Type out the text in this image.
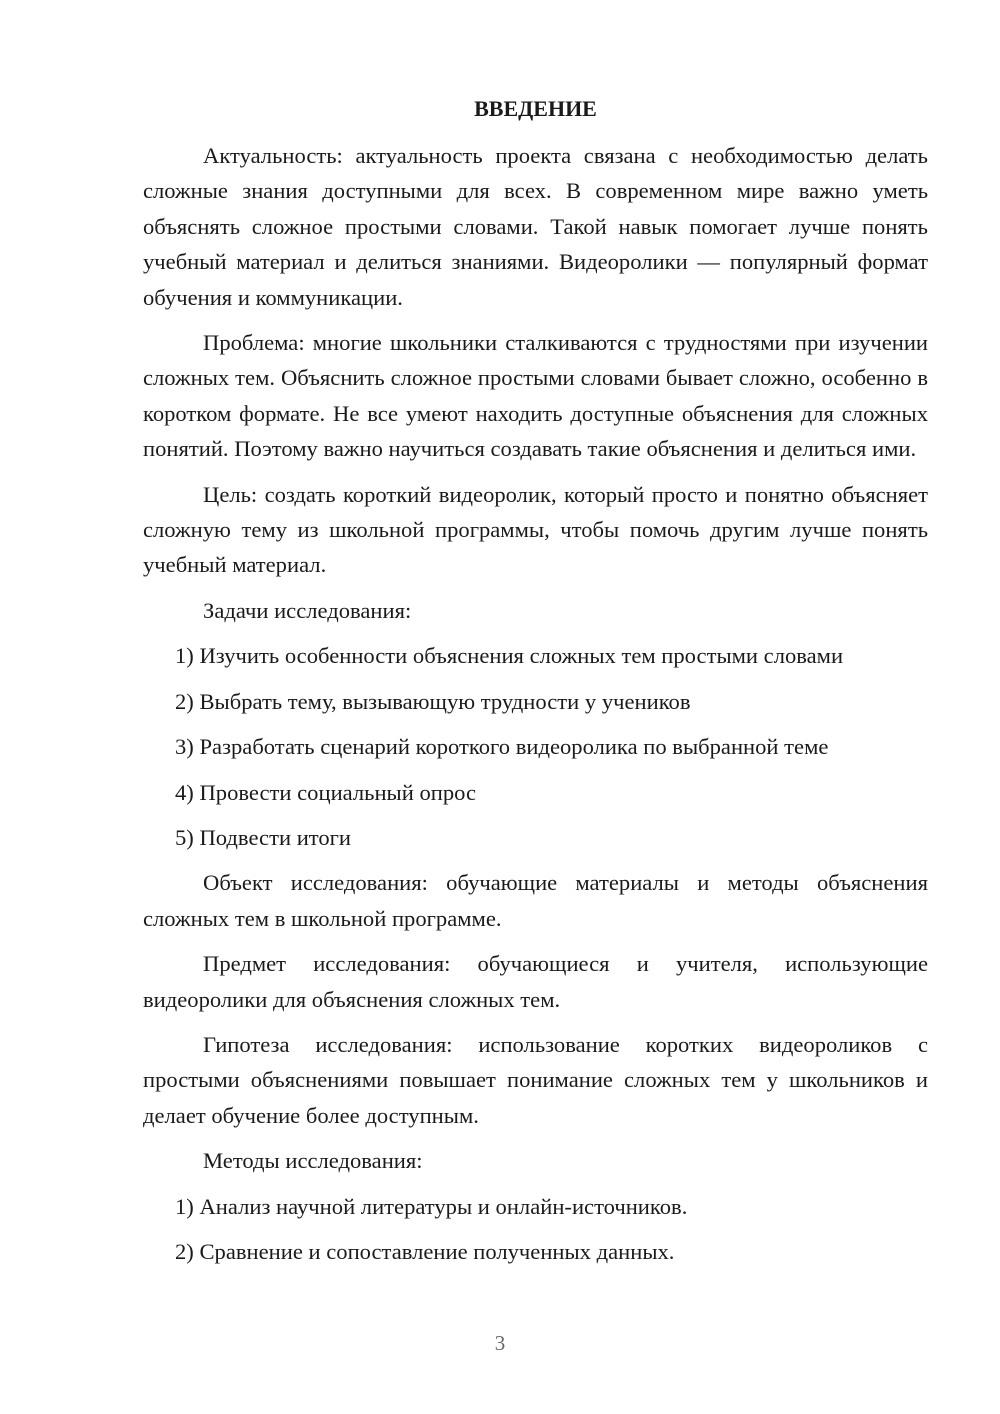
ВВЕДЕНИЕ

Актуальность: актуальность проекта связана с необходимостью делать сложные знания доступными для всех. В современном мире важно уметь объяснять сложное простыми словами. Такой навык помогает лучше понять учебный материал и делиться знаниями. Видеоролики — популярный формат обучения и коммуникации.

Проблема: многие школьники сталкиваются с трудностями при изучении сложных тем. Объяснить сложное простыми словами бывает сложно, особенно в коротком формате. Не все умеют находить доступные объяснения для сложных понятий. Поэтому важно научиться создавать такие объяснения и делиться ими.

Цель: создать короткий видеоролик, который просто и понятно объясняет сложную тему из школьной программы, чтобы помочь другим лучше понять учебный материал.

Задачи исследования:

1) Изучить особенности объяснения сложных тем простыми словами
2) Выбрать тему, вызывающую трудности у учеников
3) Разработать сценарий короткого видеоролика по выбранной теме
4) Провести социальный опрос
5) Подвести итоги

Объект исследования: обучающие материалы и методы объяснения сложных тем в школьной программе.

Предмет исследования: обучающиеся и учителя, использующие видеоролики для объяснения сложных тем.

Гипотеза исследования: использование коротких видеороликов с простыми объяснениями повышает понимание сложных тем у школьников и делает обучение более доступным.

Методы исследования:

1) Анализ научной литературы и онлайн-источников.
2) Сравнение и сопоставление полученных данных.
3
